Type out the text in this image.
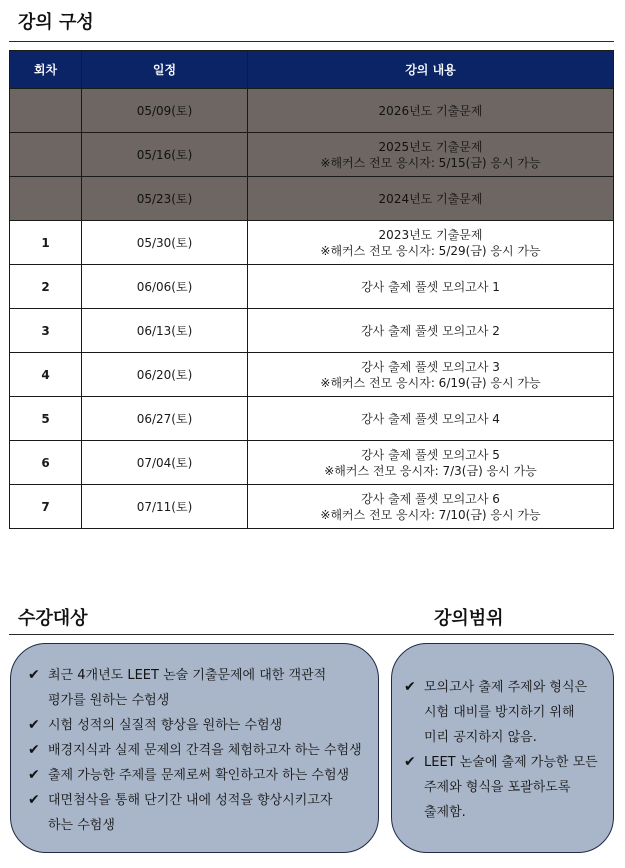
강의 구성
회차	일정	강의 내용
	05/09(토)	2026년도 기출문제

	05/16(토)	2025년도 기출문제
※해커스 전모 응시자: 5/15(금) 응시 가능

	05/23(토)	2024년도 기출문제

1	05/30(토)	2023년도 기출문제
※해커스 전모 응시자: 5/29(금) 응시 가능

2	06/06(토)	강사 출제 풀셋 모의고사 1

3	06/13(토)	강사 출제 풀셋 모의고사 2

4	06/20(토)	강사 출제 풀셋 모의고사 3
※해커스 전모 응시자: 6/19(금) 응시 가능

5	06/27(토)	강사 출제 풀셋 모의고사 4

6	07/04(토)	강사 출제 풀셋 모의고사 5
※해커스 전모 응시자: 7/3(금) 응시 가능

7	07/11(토)	강사 출제 풀셋 모의고사 6
※해커스 전모 응시자: 7/10(금) 응시 가능
수강대상	강의범위
✔ 최근 4개년도 LEET 논술 기출문제에 대한 객관적
평가를 원하는 수험생
✔ 시험 성적의 실질적 향상을 원하는 수험생
✔ 배경지식과 실제 문제의 간격을 체험하고자 하는 수험생
✔ 출제 가능한 주제를 문제로써 확인하고자 하는 수험생
✔ 대면첨삭을 통해 단기간 내에 성적을 향상시키고자
하는 수험생
✔ 모의고사 출제 주제와 형식은
시험 대비를 방지하기 위해
미리 공지하지 않음.
✔ LEET 논술에 출제 가능한 모든
주제와 형식을 포괄하도록
출제함.
